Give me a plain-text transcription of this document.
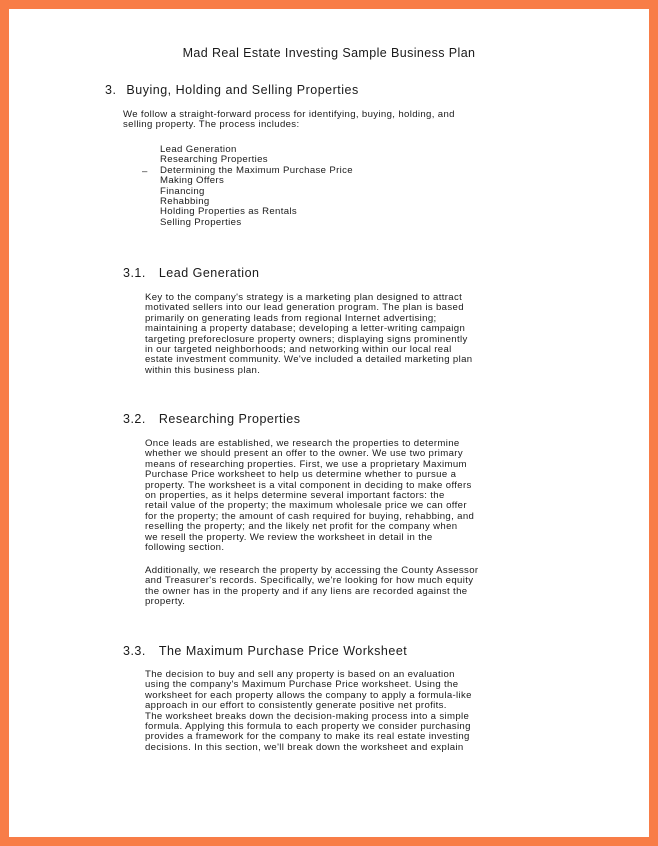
Mad Real Estate Investing Sample Business Plan
3. Buying, Holding and Selling Properties
We follow a straight-forward process for identifying, buying, holding, and
selling property. The process includes:
–
Lead Generation
Researching Properties
Determining the Maximum Purchase Price
Making Offers
Financing
Rehabbing
Holding Properties as Rentals
Selling Properties
3.1. Lead Generation
Key to the company's strategy is a marketing plan designed to attract
motivated sellers into our lead generation program. The plan is based
primarily on generating leads from regional Internet advertising;
maintaining a property database; developing a letter-writing campaign
targeting preforeclosure property owners; displaying signs prominently
in our targeted neighborhoods; and networking within our local real
estate investment community. We've included a detailed marketing plan
within this business plan.
3.2. Researching Properties
Once leads are established, we research the properties to determine
whether we should present an offer to the owner. We use two primary
means of researching properties. First, we use a proprietary Maximum
Purchase Price worksheet to help us determine whether to pursue a
property. The worksheet is a vital component in deciding to make offers
on properties, as it helps determine several important factors: the
retail value of the property; the maximum wholesale price we can offer
for the property; the amount of cash required for buying, rehabbing, and
reselling the property; and the likely net profit for the company when
we resell the property. We review the worksheet in detail in the
following section.
Additionally, we research the property by accessing the County Assessor
and Treasurer's records. Specifically, we're looking for how much equity
the owner has in the property and if any liens are recorded against the
property.
3.3. The Maximum Purchase Price Worksheet
The decision to buy and sell any property is based on an evaluation
using the company's Maximum Purchase Price worksheet. Using the
worksheet for each property allows the company to apply a formula-like
approach in our effort to consistently generate positive net profits.
The worksheet breaks down the decision-making process into a simple
formula. Applying this formula to each property we consider purchasing
provides a framework for the company to make its real estate investing
decisions. In this section, we'll break down the worksheet and explain
